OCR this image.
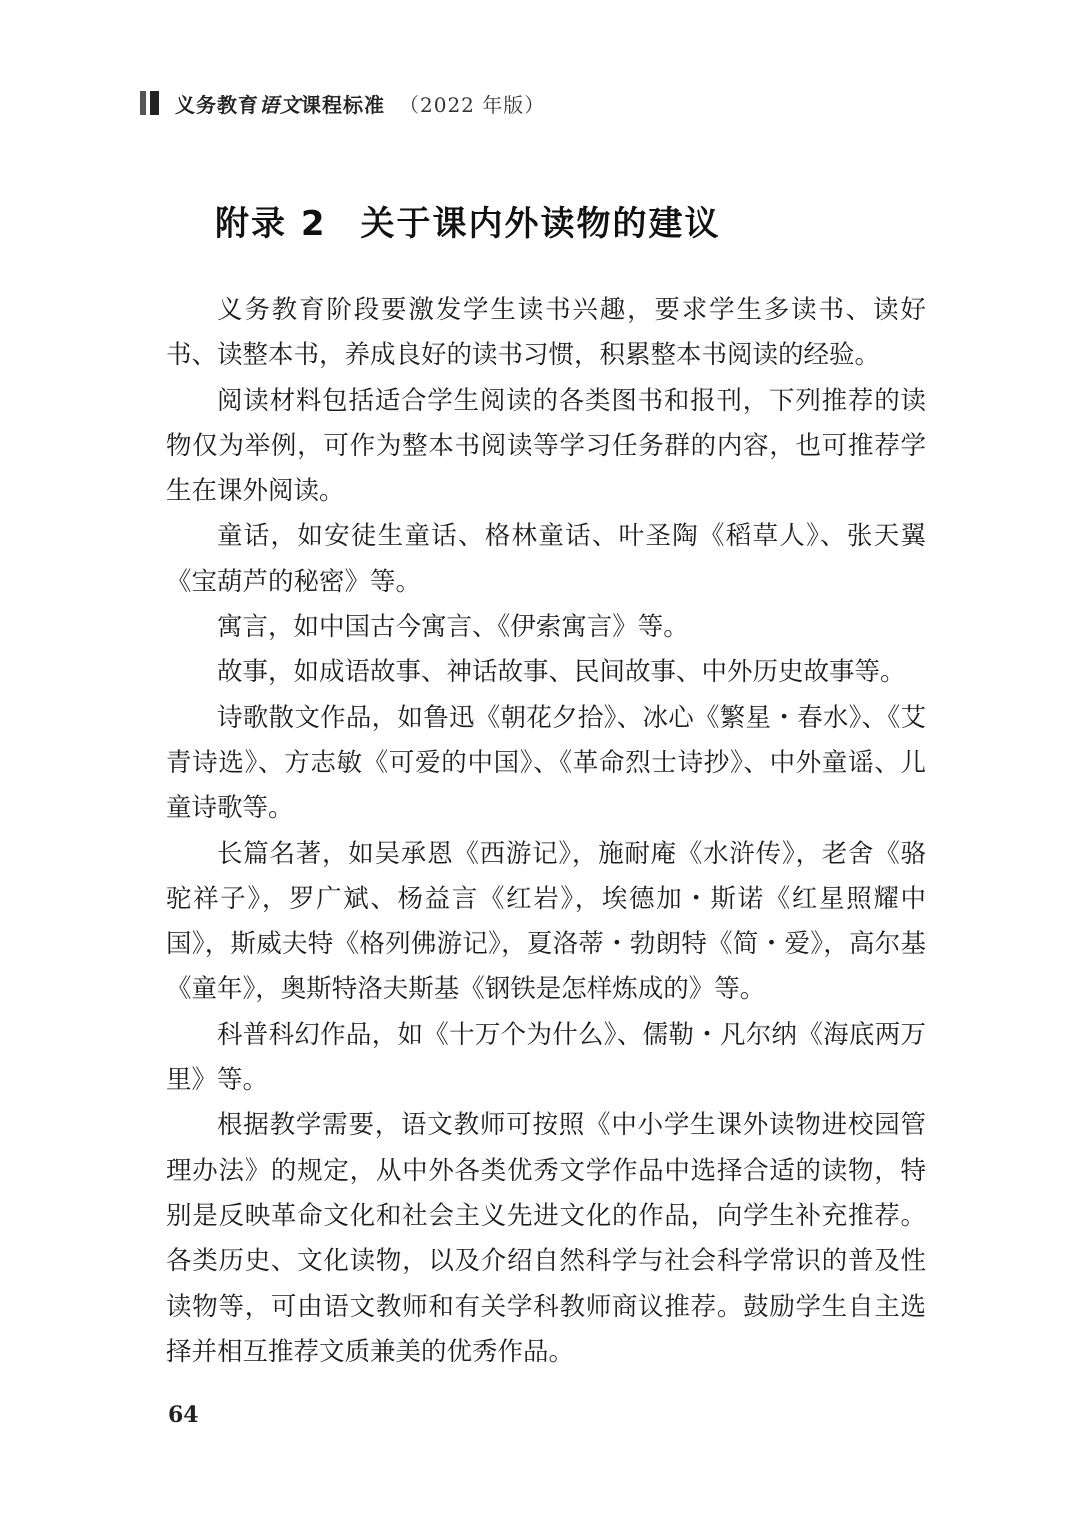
义务教育语文课程标准 （2022 年版）
附录 2 关于课内外读物的建议

义务教育阶段要激发学生读书兴趣，要求学生多读书、读好书、读整本书，养成良好的读书习惯，积累整本书阅读的经验。

阅读材料包括适合学生阅读的各类图书和报刊，下列推荐的读物仅为举例，可作为整本书阅读等学习任务群的内容，也可推荐学生在课外阅读。

童话，如安徒生童话、格林童话、叶圣陶《稻草人》、张天翼《宝葫芦的秘密》等。

寓言，如中国古今寓言、《伊索寓言》等。

故事，如成语故事、神话故事、民间故事、中外历史故事等。

诗歌散文作品，如鲁迅《朝花夕拾》、冰心《繁星・春水》、《艾青诗选》、方志敏《可爱的中国》、《革命烈士诗抄》、中外童谣、儿童诗歌等。

长篇名著，如吴承恩《西游记》，施耐庵《水浒传》，老舍《骆驼祥子》，罗广斌、杨益言《红岩》，埃德加・斯诺《红星照耀中国》，斯威夫特《格列佛游记》，夏洛蒂・勃朗特《简・爱》，高尔基《童年》，奥斯特洛夫斯基《钢铁是怎样炼成的》等。

科普科幻作品，如《十万个为什么》、儒勒・凡尔纳《海底两万里》等。

根据教学需要，语文教师可按照《中小学生课外读物进校园管理办法》的规定，从中外各类优秀文学作品中选择合适的读物，特别是反映革命文化和社会主义先进文化的作品，向学生补充推荐。各类历史、文化读物，以及介绍自然科学与社会科学常识的普及性读物等，可由语文教师和有关学科教师商议推荐。鼓励学生自主选择并相互推荐文质兼美的优秀作品。

64
